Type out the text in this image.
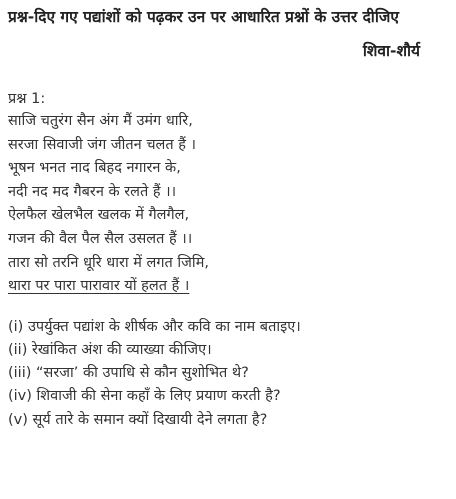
प्रश्न-दिए गए पद्यांशों को पढ़कर उन पर आधारित प्रश्नों के उत्तर दीजिए

शिवा-शौर्य
प्रश्न 1:
साजि चतुरंग सैन अंग मैं उमंग धारि,
सरजा सिवाजी जंग जीतन चलत हैं ।
भूषन भनत नाद बिहद नगारन के,
नदी नद मद गैबरन के रलते हैं ।।
ऐलफैल खेलभैल खलक में गैलगैल,
गजन की वैल पैल सैल उसलत हैं ।।
तारा सो तरनि धूरि धारा में लगत जिमि,
थारा पर पारा पारावार यों हलत हैं ।
(i) उपर्युक्त पद्यांश के शीर्षक और कवि का नाम बताइए।
(ii) रेखांकित अंश की व्याख्या कीजिए।
(iii) “सरजा’ की उपाधि से कौन सुशोभित थे?
(iv) शिवाजी की सेना कहाँ के लिए प्रयाण करती है?
(v) सूर्य तारे के समान क्यों दिखायी देने लगता है?
